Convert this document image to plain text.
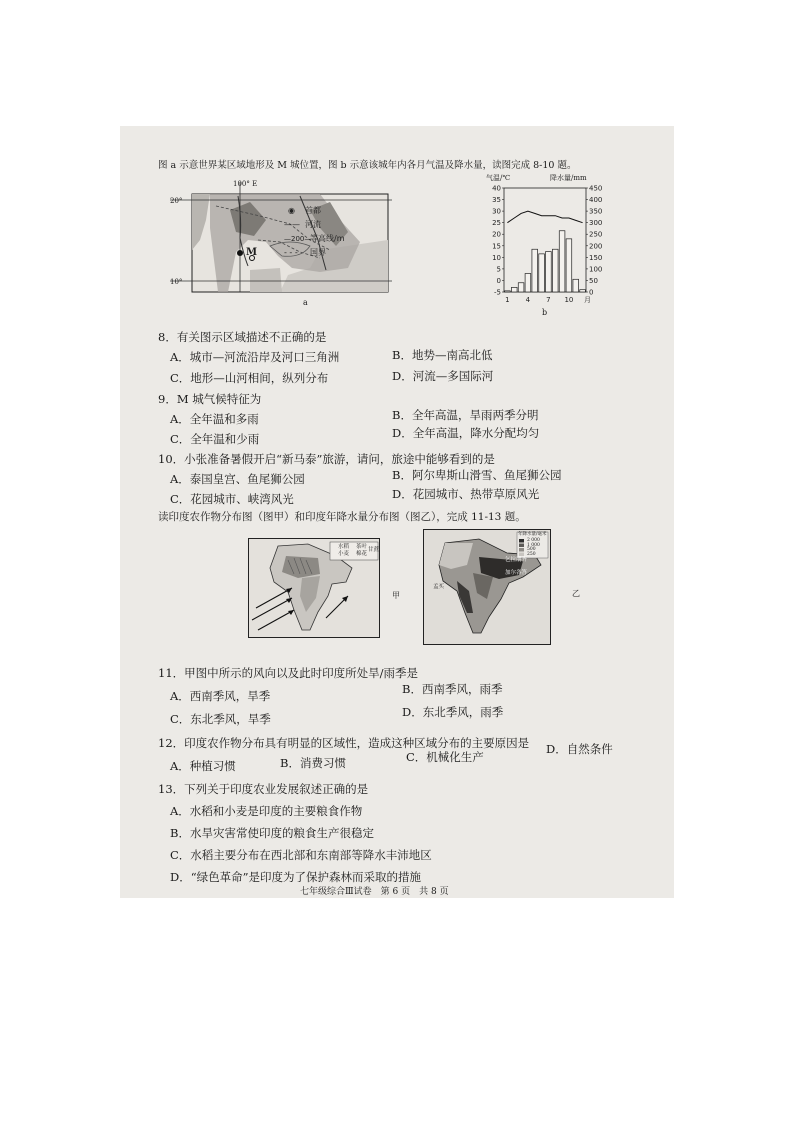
图 a 示意世界某区域地形及 M 城位置，图 b 示意该城年内各月气温及降水量，读图完成 8-10 题。
◉ 首都
—— 河流
—200—
等高线/m
- - - 国界
100° E
20°
10°
M
a
气温/℃	降水量/mm
40
35
30
25
20
15
10
5
0
-5
450
400
350
300
250
200
150
100
50
0
1 4 7 10 月
b
8．有关图示区域描述不正确的是
A．城市—河流沿岸及河口三角洲	B．地势—南高北低
C．地形—山河相间，纵列分布	D．河流—多国际河
9．M 城气候特征为
A．全年温和多雨	B．全年高温，旱雨两季分明
C．全年温和少雨	D．全年高温，降水分配均匀
10．小张准备暑假开启“新马泰”旅游，请问，旅途中能够看到的是
A．泰国皇宫、鱼尾狮公园	B．阿尔卑斯山滑雪、鱼尾狮公园
C．花园城市、峡湾风光	D．花园城市、热带草原风光
读印度农作物分布图（图甲）和印度年降水量分布图（图乙），完成 11-13 题。
水稻
小麦
茶叶
棉花
甘蔗
甲
年降水量/毫米
2 000
1 000
500
250
乞拉朋齐
加尔各答
孟买
乙
11．甲图中所示的风向以及此时印度所处旱/雨季是
A．西南季风，旱季	B．西南季风，雨季
C．东北季风，旱季	D．东北季风，雨季
12．印度农作物分布具有明显的区域性，造成这种区域分布的主要原因是
A．种植习惯	B．消费习惯	C．机械化生产
D．自然条件
13．下列关于印度农业发展叙述正确的是
A．水稻和小麦是印度的主要粮食作物
B．水旱灾害常使印度的粮食生产很稳定
C．水稻主要分布在西北部和东南部等降水丰沛地区
D．“绿色革命”是印度为了保护森林而采取的措施
七年级综合Ⅲ试卷　第 6 页　共 8 页
